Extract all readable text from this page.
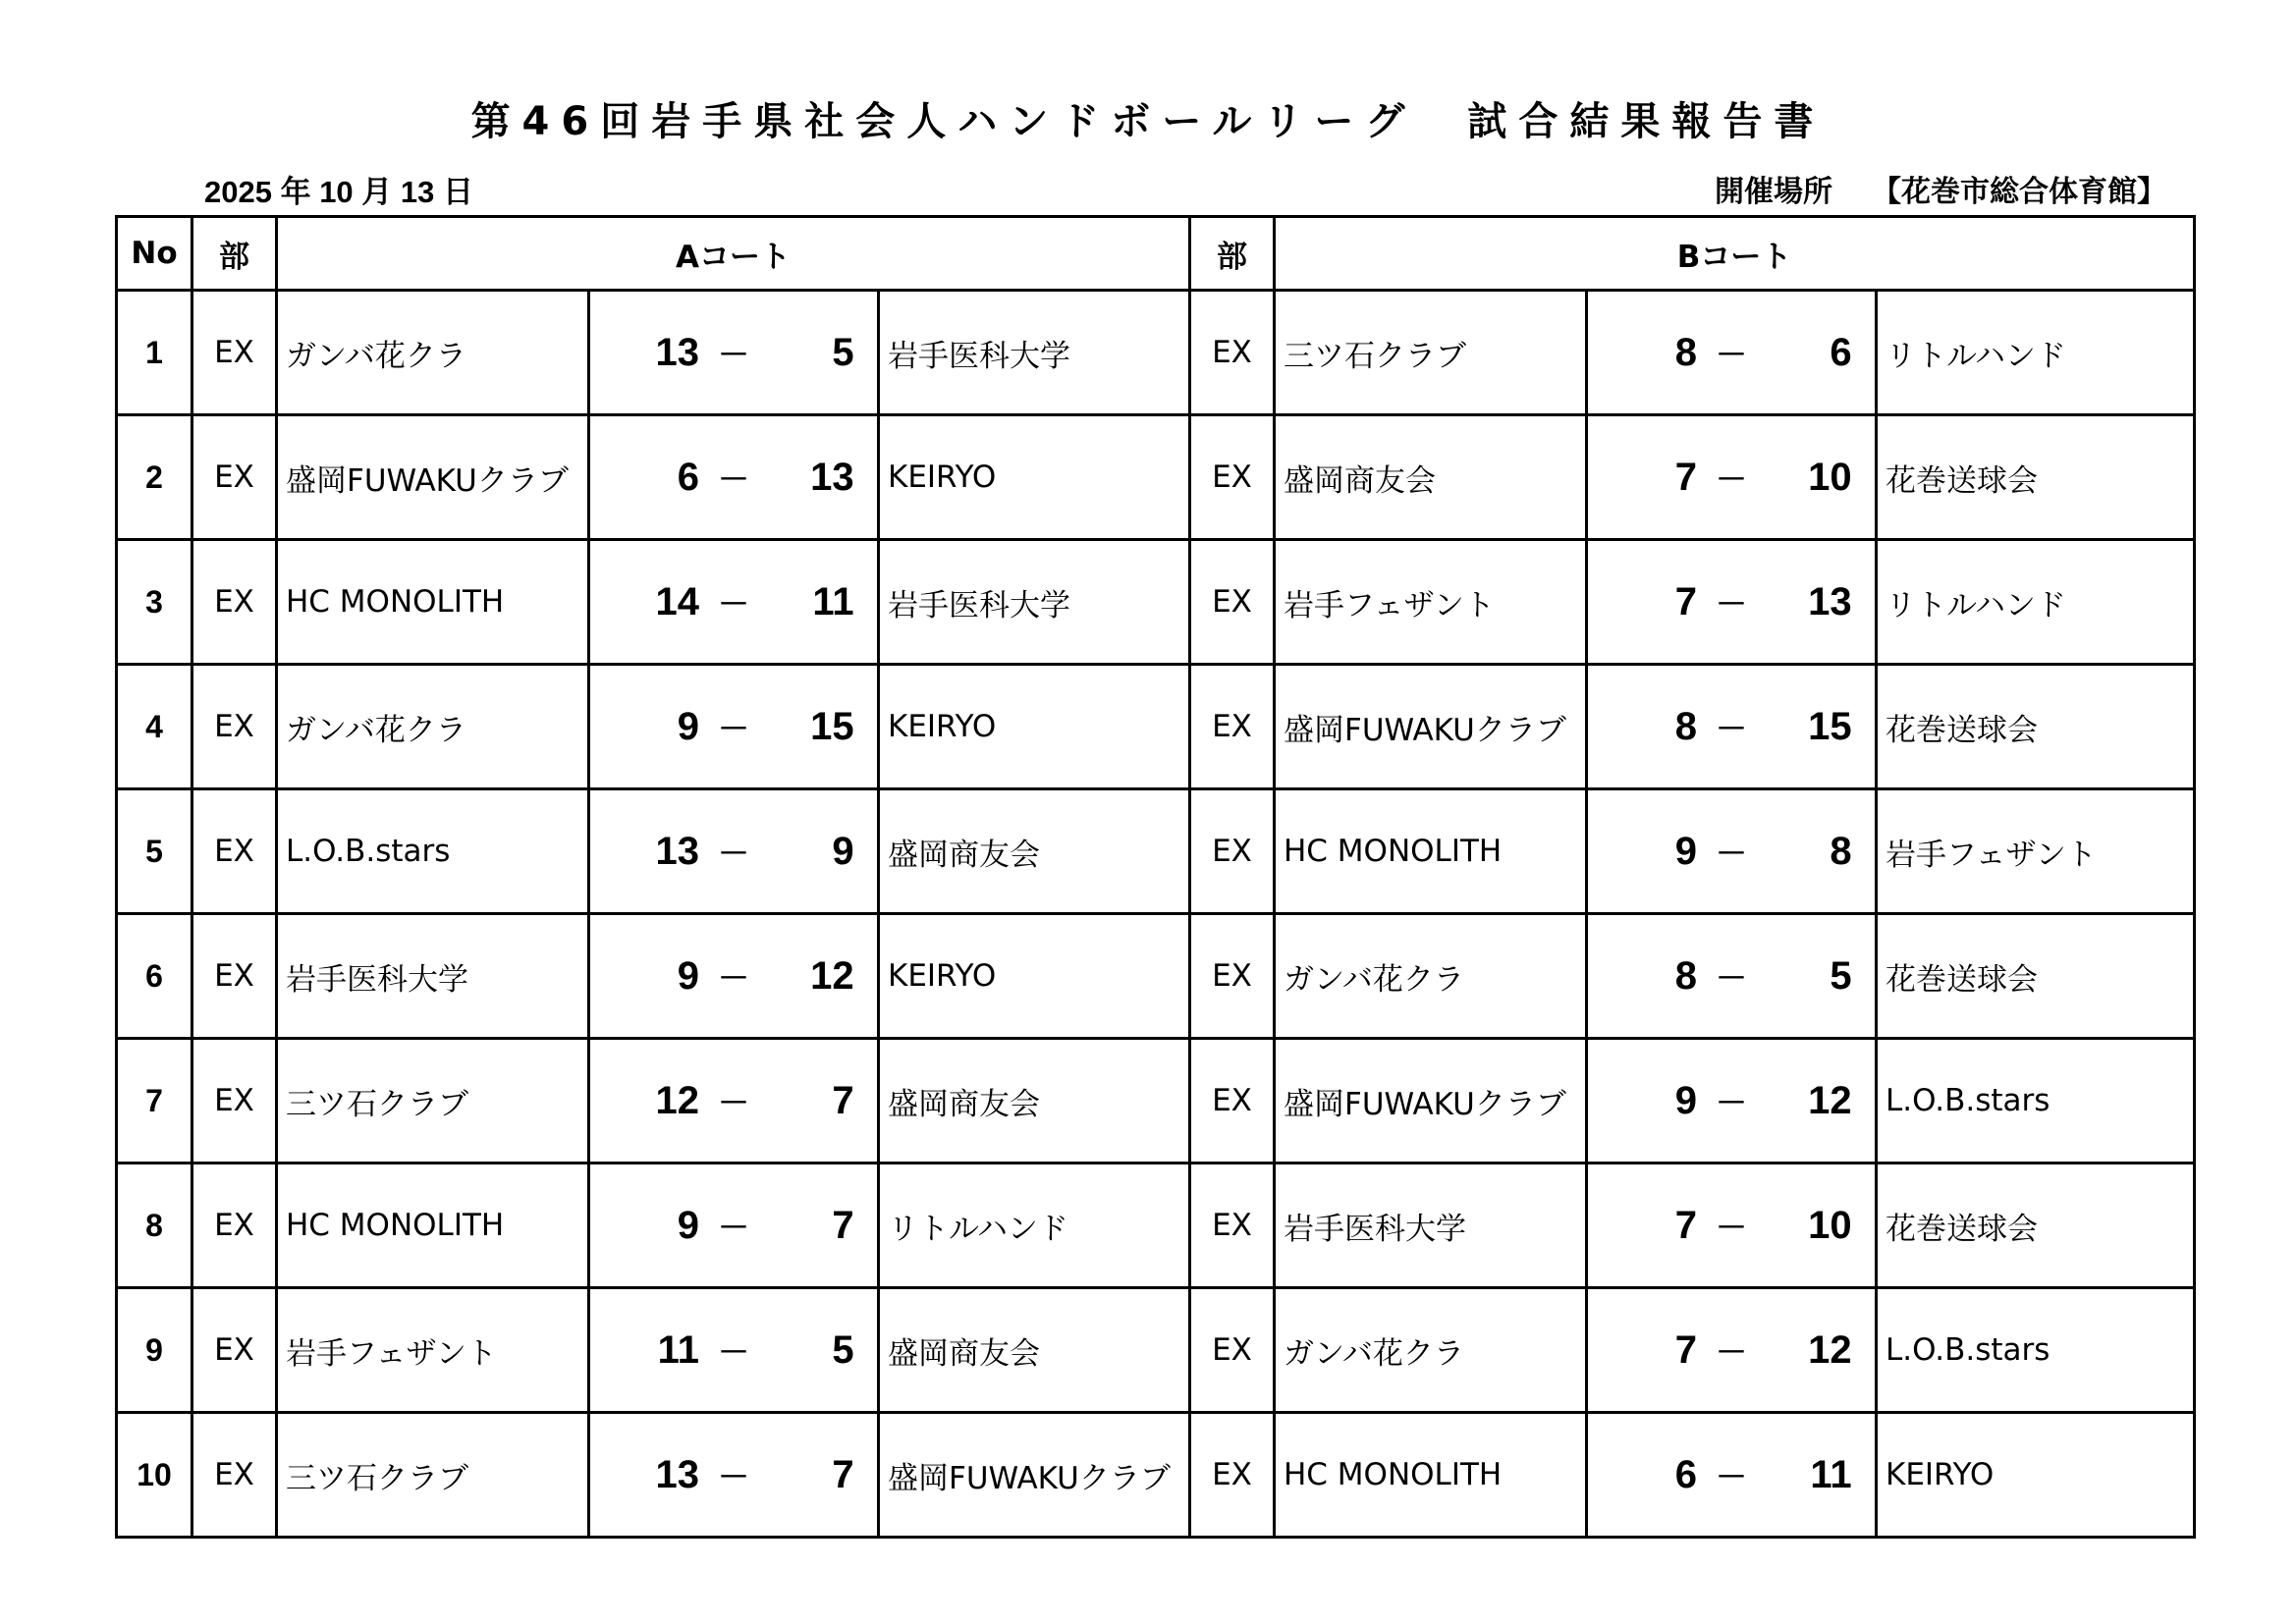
第46回岩手県社会人ハンドボールリーグ　試合結果報告書
2025 年 10 月 13 日	開催場所 【花巻市総合体育館】
No	部	Aコート			部	Bコート		
1	EX	ガンバ花クラ	13 － 5	岩手医科大学	EX	三ツ石クラブ	8 － 6	リトルハンド
2	EX	盛岡FUWAKUクラブ	6 － 13	KEIRYO	EX	盛岡商友会	7 － 10	花巻送球会
3	EX	HC MONOLITH	14 － 11	岩手医科大学	EX	岩手フェザント	7 － 13	リトルハンド
4	EX	ガンバ花クラ	9 － 15	KEIRYO	EX	盛岡FUWAKUクラブ	8 － 15	花巻送球会
5	EX	L.O.B.stars	13 － 9	盛岡商友会	EX	HC MONOLITH	9 － 8	岩手フェザント
6	EX	岩手医科大学	9 － 12	KEIRYO	EX	ガンバ花クラ	8 － 5	花巻送球会
7	EX	三ツ石クラブ	12 － 7	盛岡商友会	EX	盛岡FUWAKUクラブ	9 － 12	L.O.B.stars
8	EX	HC MONOLITH	9 － 7	リトルハンド	EX	岩手医科大学	7 － 10	花巻送球会
9	EX	岩手フェザント	11 － 5	盛岡商友会	EX	ガンバ花クラ	7 － 12	L.O.B.stars
10	EX	三ツ石クラブ	13 － 7	盛岡FUWAKUクラブ	EX	HC MONOLITH	6 － 11	KEIRYO
